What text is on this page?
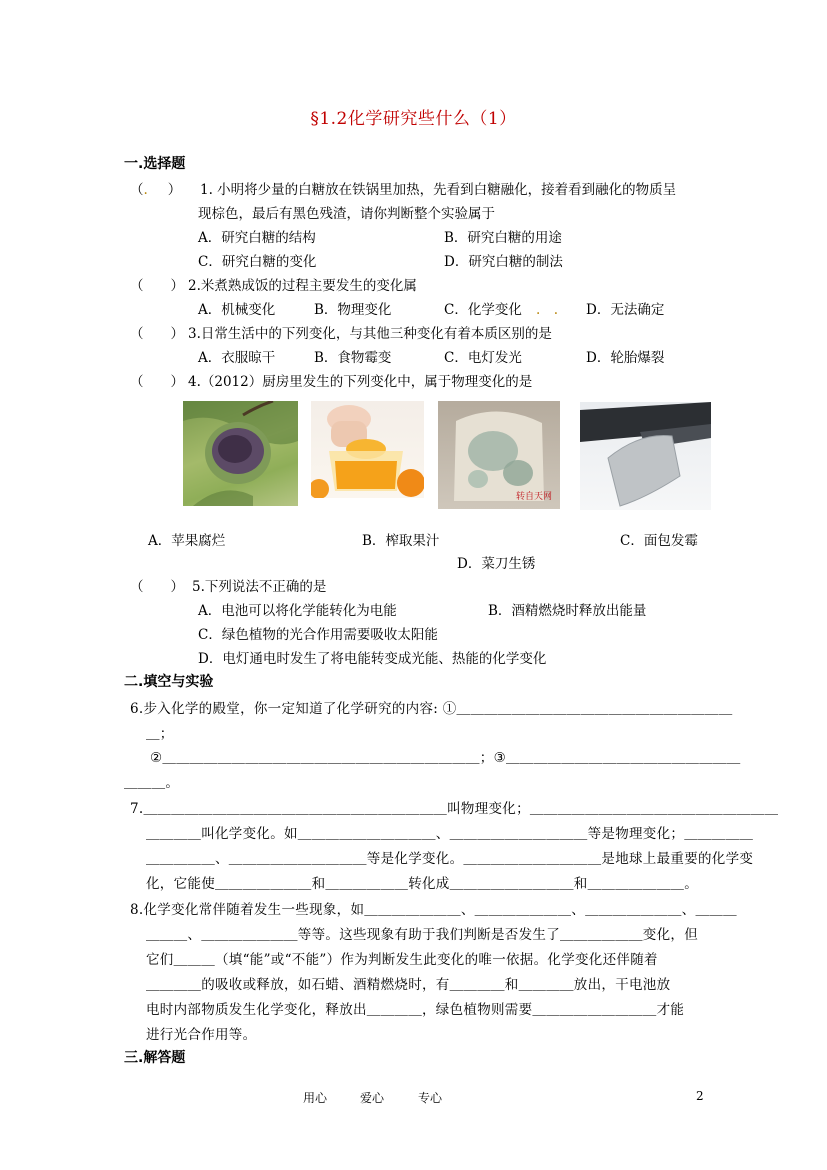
§1.2化学研究些什么（1）
一.选择题
（. ） 1. 小明将少量的白糖放在铁锅里加热，先看到白糖融化，接着看到融化的物质呈
现棕色，最后有黑色残渣，请你判断整个实验属于
A．研究白糖的结构	B．研究白糖的用途
C．研究白糖的变化	D．研究白糖的制法
（　　） 2.米煮熟成饭的过程主要发生的变化属
A．机械变化	B．物理变化	C．化学变化 .　. D．无法确定
（　　） 3.日常生活中的下列变化，与其他三种变化有着本质区别的是
A．衣服晾干	B．食物霉变	C．电灯发光	D．轮胎爆裂
（　　） 4.（2012）厨房里发生的下列变化中，属于物理变化的是
转自天网
A．苹果腐烂	B．榨取果汁	C．面包发霉
D．菜刀生锈
（　　） 5.下列说法不正确的是
A．电池可以将化学能转化为电能	B．酒精燃烧时释放出能量
C．绿色植物的光合作用需要吸收太阳能
D．电灯通电时发生了将电能转变成光能、热能的化学变化
二.填空与实验
6.步入化学的殿堂，你一定知道了化学研究的内容: ①＿＿＿＿＿＿＿＿＿＿＿＿＿＿＿＿＿＿＿＿
＿；
②＿＿＿＿＿＿＿＿＿＿＿＿＿＿＿＿＿＿＿＿＿＿＿；③＿＿＿＿＿＿＿＿＿＿＿＿＿＿＿＿＿
＿＿＿。
7.＿＿＿＿＿＿＿＿＿＿＿＿＿＿＿＿＿＿＿＿＿＿叫物理变化；＿＿＿＿＿＿＿＿＿＿＿＿＿＿＿＿＿＿
＿＿＿＿叫化学变化。如＿＿＿＿＿＿＿＿＿＿、＿＿＿＿＿＿＿＿＿＿等是物理变化；＿＿＿＿＿
＿＿＿＿＿、＿＿＿＿＿＿＿＿＿＿等是化学变化。＿＿＿＿＿＿＿＿＿＿是地球上最重要的化学变
化，它能使＿＿＿＿＿＿＿和＿＿＿＿＿＿转化成＿＿＿＿＿＿＿＿＿和＿＿＿＿＿＿＿。
8.化学变化常伴随着发生一些现象，如＿＿＿＿＿＿＿、＿＿＿＿＿＿＿、＿＿＿＿＿＿＿、＿＿＿
＿＿＿、＿＿＿＿＿＿＿等等。这些现象有助于我们判断是否发生了＿＿＿＿＿＿变化，但
它们＿＿＿（填“能”或“不能”）作为判断发生此变化的唯一依据。化学变化还伴随着
＿＿＿＿的吸收或释放，如石蜡、酒精燃烧时，有＿＿＿＿和＿＿＿＿放出，干电池放
电时内部物质发生化学变化，释放出＿＿＿＿，绿色植物则需要＿＿＿＿＿＿＿＿＿才能
进行光合作用等。
三.解答题
用心	爱心	专心	2
